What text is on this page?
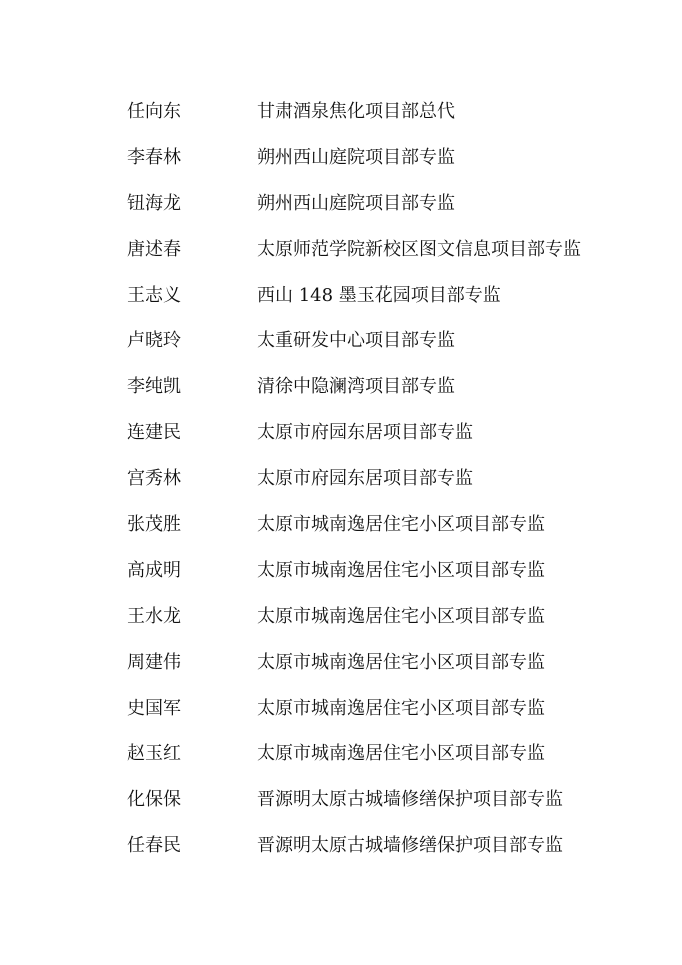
任向东	甘肃酒泉焦化项目部总代
李春林	朔州西山庭院项目部专监
钮海龙	朔州西山庭院项目部专监
唐述春	太原师范学院新校区图文信息项目部专监
王志义	西山 148 墨玉花园项目部专监
卢晓玲	太重研发中心项目部专监
李纯凯	清徐中隐澜湾项目部专监
连建民	太原市府园东居项目部专监
宫秀林	太原市府园东居项目部专监
张茂胜	太原市城南逸居住宅小区项目部专监
高成明	太原市城南逸居住宅小区项目部专监
王水龙	太原市城南逸居住宅小区项目部专监
周建伟	太原市城南逸居住宅小区项目部专监
史国军	太原市城南逸居住宅小区项目部专监
赵玉红	太原市城南逸居住宅小区项目部专监
化保保	晋源明太原古城墙修缮保护项目部专监
任春民	晋源明太原古城墙修缮保护项目部专监
